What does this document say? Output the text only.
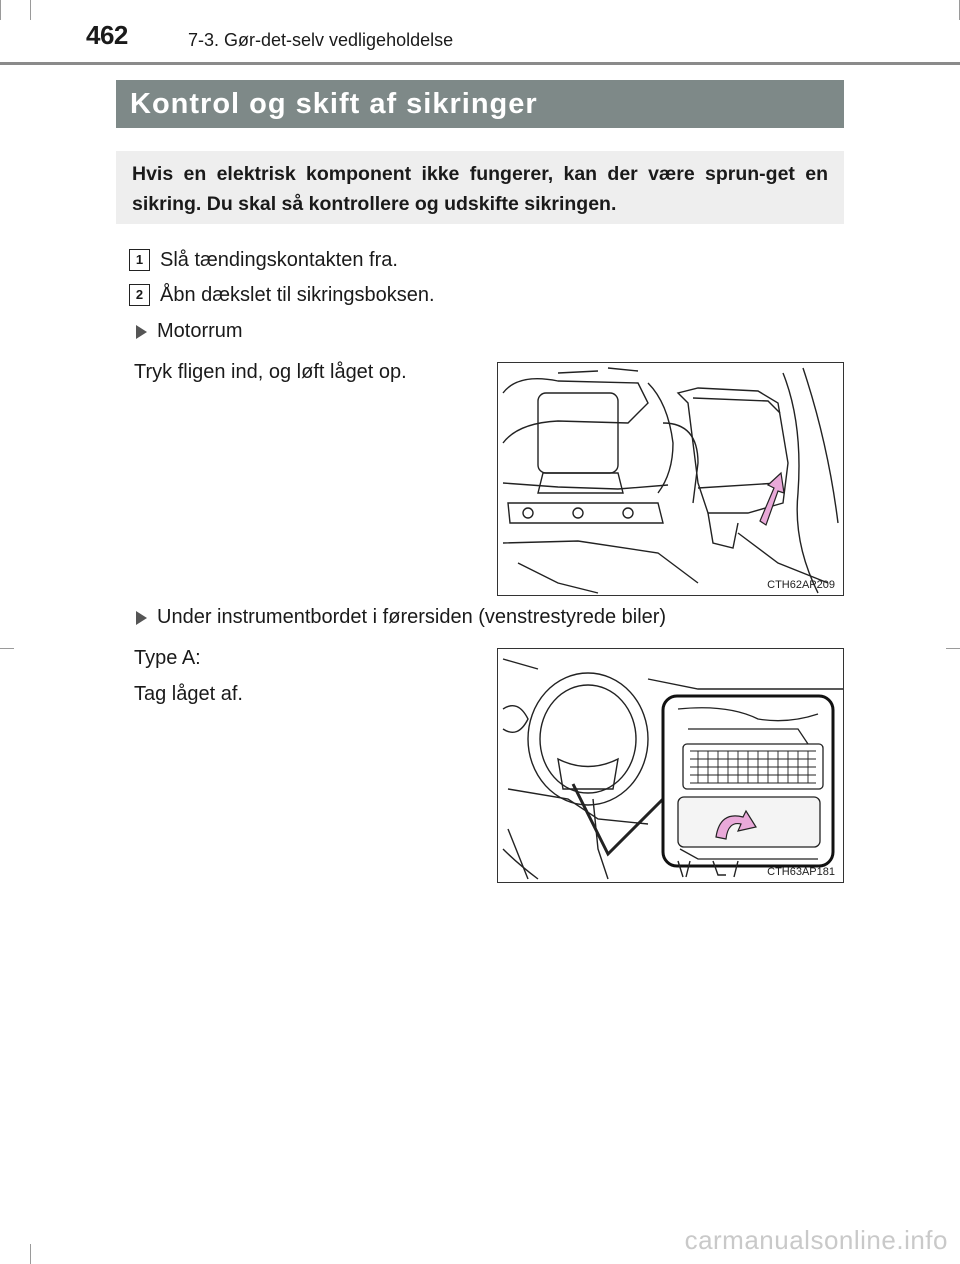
462	7-3. Gør-det-selv vedligeholdelse
Kontrol og skift af sikringer
Hvis en elektrisk komponent ikke fungerer, kan der være sprun-get en sikring. Du skal så kontrollere og udskifte sikringen.
1 Slå tændingskontakten fra.
2 Åbn dækslet til sikringsboksen.
Motorrum
Tryk fligen ind, og løft låget op.
CTH62AP209
Under instrumentbordet i førersiden (venstrestyrede biler)
Type A:
Tag låget af.
CTH63AP181
carmanualsonline.info
